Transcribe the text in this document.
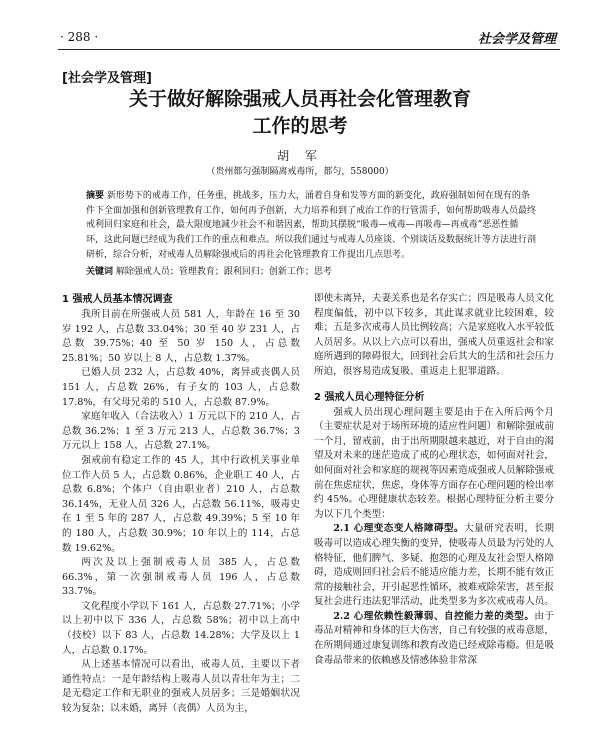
· 288 ·	社会学及管理
[社会学及管理]
关于做好解除强戒人员再社会化管理教育
工作的思考
胡 军
（贵州都匀强制隔离戒毒所，都匀，558000）
摘要 新形势下的戒毒工作，任务重，挑战多，压力大，涌着自身和发等方面的新变化，政府强制如何在现有的条件下全面加强和创新管理教育工作，如何再予创新，大力培养和到了戒治工作的行管需手，如何帮助吸毒人员最终戒利回归家庭和社会，最大限度地减少社会不和谐因素，帮助其摆脱“吸毒—戒毒—再吸毒—再戒毒”恶恶性循环，这此问题已经成为我们工作的重点和难点。所以我们通过与戒毒人员座谈、个别谈话及数据统计等方法进行剖研析，综合分析，对戒毒人员解除强戒后的再社会化管理教育工作提出几点思考。
关键词 解除强戒人员；管理教育；跟利回归；创新工作；思考
1 强戒人员基本情况调查

我所目前在所强戒人员 581 人，年龄在 16 至 30 岁 192 人，占总数 33.04%；30 至 40 岁 231 人，占总数 39.75%；40 至 50 岁 150 人，占总数 25.81%；50 岁以上 8 人，占总数 1.37%。

已婚人员 232 人，占总数 40%，离异或丧偶人员 151 人，占总数 26%，有子女的 103 人，占总数 17.8%，有父母兄弟的 510 人，占总数 87.9%。

家庭年收入（合法收入）1 万元以下的 210 人，占总数 36.2%；1 至 3 万元 213 人，占总数 36.7%；3 万元以上 158 人，占总数 27.1%。

强戒前有稳定工作的 45 人，其中行政机关事业单位工作人员 5 人，占总数 0.86%，企业职工 40 人，占总数 6.8%；个体户（自由职业者）210 人，占总数 36.14%，无业人员 326 人，占总数 56.11%，吸毒史在 1 至 5 年的 287 人，占总数 49.39%；5 至 10 年的 180 人，占总数 30.9%；10 年以上的 114，占总数 19.62%。

两次及以上强制戒毒人员 385 人，占总数 66.3%，第一次强制戒毒人员 196 人，占总数 33.7%。

文化程度小学以下 161 人，占总数 27.71%；小学以上初中以下 336 人，占总数 58%；初中以上高中（技校）以下 83 人，占总数 14.28%；大学及以上 1 人，占总数 0.17%。

从上述基本情况可以看出，戒毒人员，主要以下者通性特点：一是年龄结构上吸毒人员以青壮年为主；二是无稳定工作和无职业的强戒人员居多；三是婚姻状况较为复杂；以未婚，离异（丧偶）人员为主，

即使未离异，夫妻关系也是名存实亡；四是吸毒人员文化程度偏低，初中以下较多，其此谋求就业比较困难，较难；五是多次戒毒人员比例较高；六是家庭收入水平较低人员居多。从以上六点可以看出，强戒人员重返社会和家庭所遇到的障碍很大，回到社会后其大的生活和社会压力所迫，很容易造成复吸、重返走上犯罪道路。

2 强戒人员心理特征分析

强戒人员出现心理问题主要是由于在入所后两个月（主要症状是对于场所环境的适应性问题）和解除强戒前一个月，留戒前，由于出所期限越来越近，对于自由的渴望及对未来的迷茫造成了戒的心理状态，如何面对社会，如何面对社会和家庭的规视等因素造成强戒人员解除强戒前在焦虑症状，焦虑，身体等方面存在心理问题的检出率约 45%。心理健康状态较差。根据心理特征分析主要分为以下几个类型：

2.1 心理变态变人格障碍型。大量研究表明，长期吸毒可以造成心理失衡的变异，使吸毒人员最为污处的人格特征，他们脾气、多疑、抱怨的心理及友社会型人格障碍，造成则回归社会后不能适应能力差，长期不能有效正常的接触社会，开引起恶性循环，被难戒除荣害，甚至报复社会进行违法犯罪活动，此类型多为多次戒戒毒人员。

2.2 心理依赖性毅薄弱、自控能力差的类型。由于毒品对精神和身体的巨大伤害，自己有较强的戒毒意愿，在所期间通过康复训练和教育改造已经戒除毒瘾。但是吸食毒品带来的依赖感及情感体验非常深
